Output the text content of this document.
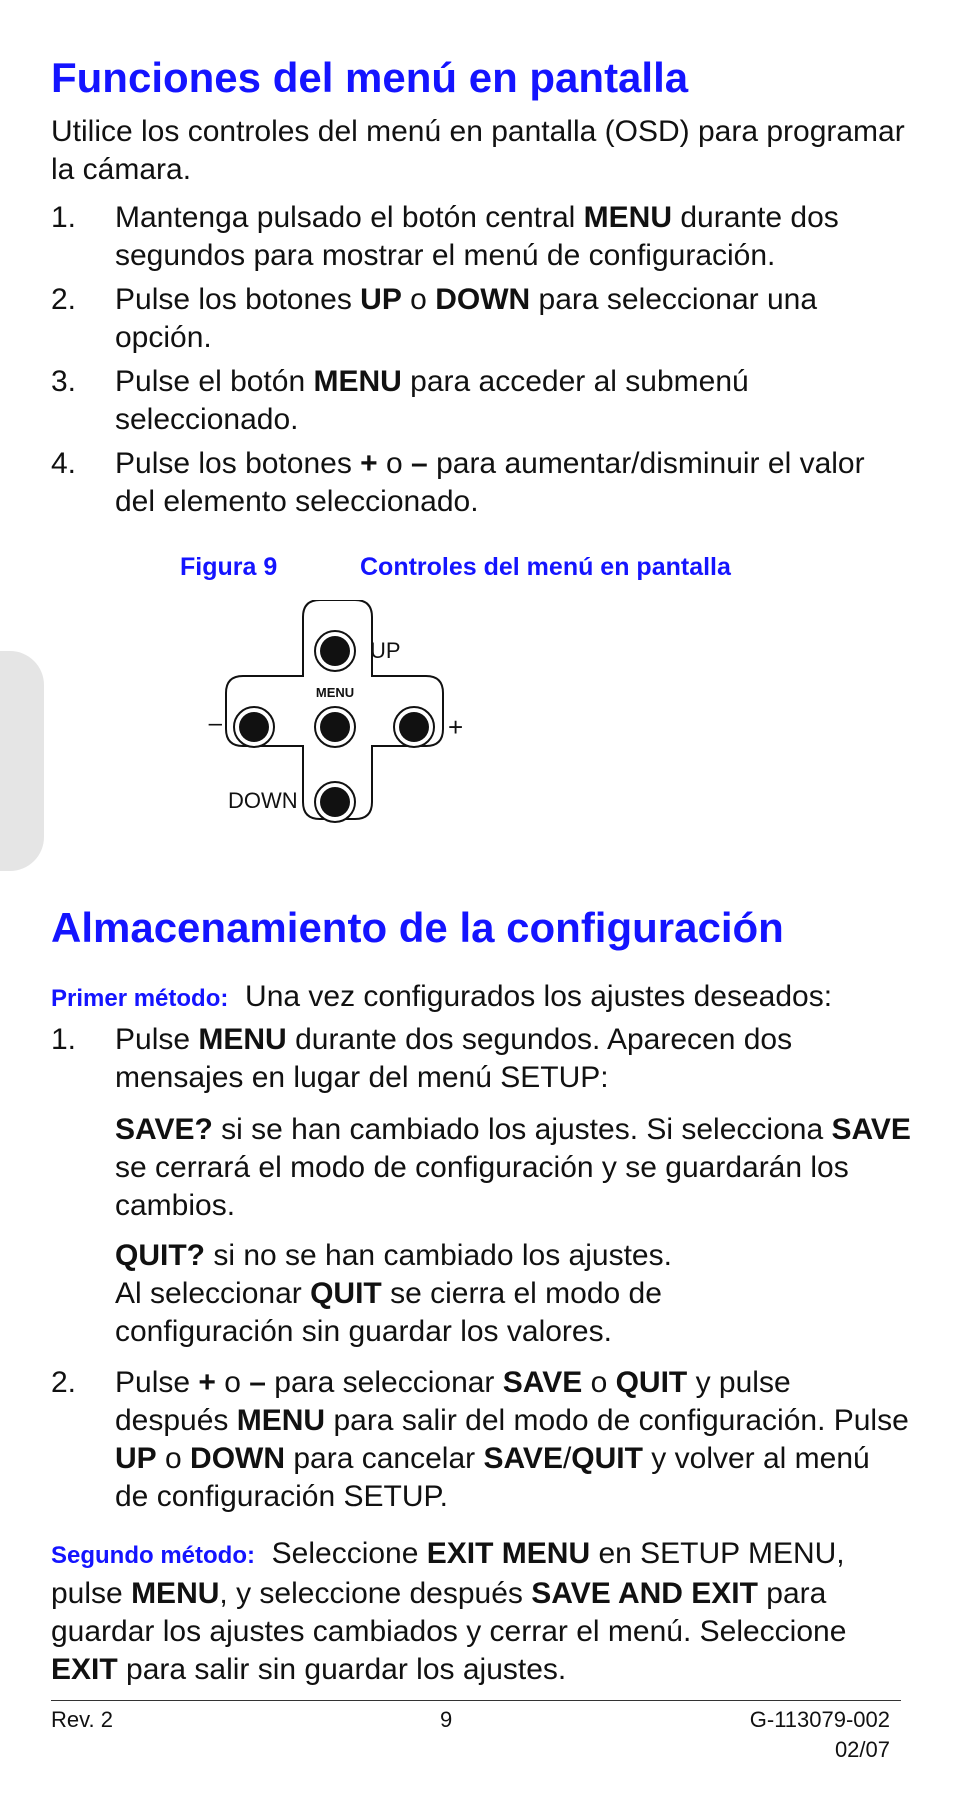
Funciones del menú en pantalla

Utilice los controles del menú en pantalla (OSD) para programar la cámara.

1. Mantenga pulsado el botón central MENU durante dos segundos para mostrar el menú de configuración.
2. Pulse los botones UP o DOWN para seleccionar una opción.
3. Pulse el botón MENU para acceder al submenú seleccionado.
4. Pulse los botones + o – para aumentar/disminuir el valor del elemento seleccionado.
Figura 9	Controles del menú en pantalla
UP
MENU
DOWN
–	+
Almacenamiento de la configuración

Primer método: Una vez configurados los ajustes deseados:

1. Pulse MENU durante dos segundos. Aparecen dos mensajes en lugar del menú SETUP:
SAVE? si se han cambiado los ajustes. Si selecciona SAVE se cerrará el modo de configuración y se guardarán los cambios.
QUIT? si no se han cambiado los ajustes.
Al seleccionar QUIT se cierra el modo de configuración sin guardar los valores.
2. Pulse + o – para seleccionar SAVE o QUIT y pulse después MENU para salir del modo de configuración. Pulse UP o DOWN para cancelar SAVE/QUIT y volver al menú de configuración SETUP.

Segundo método: Seleccione EXIT MENU en SETUP MENU, pulse MENU, y seleccione después SAVE AND EXIT para guardar los ajustes cambiados y cerrar el menú. Seleccione EXIT para salir sin guardar los ajustes.

Rev. 2	9	G-113079-002
02/07
